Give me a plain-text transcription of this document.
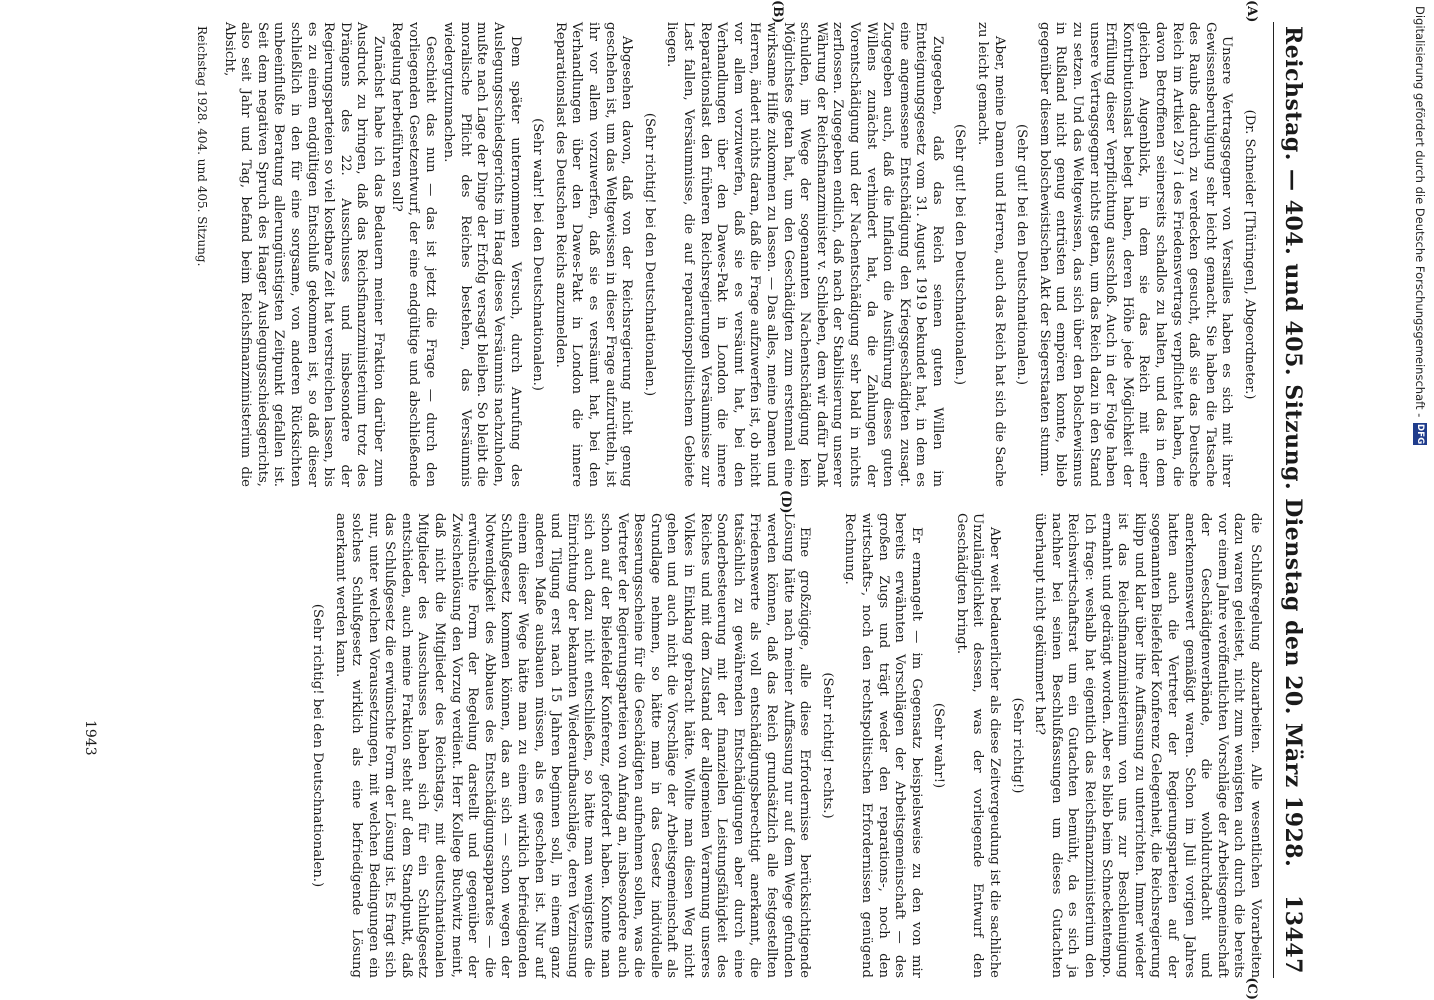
Reichstag. — 404. und 405. Sitzung. Dienstag den 20. März 1928.
13447
(A)
(B)
(C)
(D)

(Dr. Schneider [Thüringen], Abgeordneter.)

Unsere Vertragsgegner von Versailles haben es sich mit ihrer Gewissensberuhigung sehr leicht gemacht. Sie haben die Tatsache des Raubs dadurch zu verdecken gesucht, daß sie das Deutsche Reich im Artikel 297 i des Friedensvertrags verpflichtet haben, die davon Betroffenen seinerseits schadlos zu halten, und das in dem gleichen Augenblick, in dem sie das Reich mit einer Kontributionslast belegt haben, deren Höhe jede Möglichkeit der Erfüllung dieser Verpflichtung ausschloß. Auch in der Folge haben unsere Vertragsgegner nichts getan, um das Reich dazu in den Stand zu setzen. Und das Weltgewissen, das sich über den Bolschewismus in Rußland nicht genug entrüsten und empören konnte, blieb gegenüber diesem bolschewistischen Akt der Siegerstaaten stumm.

(Sehr gut! bei den Deutschnationalen.)

Aber, meine Damen und Herren, auch das Reich hat sich die Sache zu leicht gemacht.

(Sehr gut! bei den Deutschnationalen.)

Zugegeben, daß das Reich seinen guten Willen im Entteignungsgesetz vom 31. August 1919 bekundet hat, in dem es eine angemessene Entschädigung den Kriegsgeschädigten zusagt. Zugegeben auch, daß die Inflation die Ausführung dieses guten Willens zunächst verhindert hat, da die Zahlungen der Vorentschädigung und der Nachentschädigung sehr bald in nichts zerflossen. Zugegeben endlich, daß nach der Stabilisierung unserer Währung der Reichsfinanzminister v. Schlieben, dem wir dafür Dank schulden, im Wege der sogenannten Nachentschädigung kein Möglichstes getan hat, um den Geschädigten zum erstenmal eine wirksame Hilfe zukommen zu lassen. — Das alles, meine Damen und Herren, ändert nichts daran, daß die Frage aufzuwerfen ist, ob nicht vor allem vorzuwerfen, daß sie es versäumt hat, bei den Verhandlungen über den Dawes-Pakt in London die innere Reparationslast den früheren Reichsregierungen Versäumnisse zur Last fallen, Versäumnisse, die auf reparationspolitischem Gebiete liegen.

(Sehr richtig! bei den Deutschnationalen.)

Abgesehen davon, daß von der Reichsregierung nicht genug geschehen ist, um das Weltgewissen in dieser Frage aufzurütteln, ist ihr vor allem vorzuwerfen, daß sie es versäumt hat, bei den Verhandlungen über den Dawes-Pakt in London die innere Reparationslast des Deutschen Reichs anzumelden.

(Sehr wahr! bei den Deutschnationalen.)

Dem später unternommenen Versuch, durch Anrufung des Auslegungsschiedsgerichts im Haag dieses Versäumnis nachzuholen, mußte nach Lage der Dinge der Erfolg versagt bleiben. So bleibt die moralische Pflicht des Reiches bestehen, das Versäumnis wiedergutzumachen.

Geschieht das nun — das ist jetzt die Frage — durch den vorliegenden Gesetzentwurf, der eine endgültige und abschließende Regelung herbeiführen soll?

Zunächst habe ich das Bedauern meiner Fraktion darüber zum Ausdruck zu bringen, daß das Reichsfinanzministerium trotz des Drängens des 22. Ausschusses und insbesondere der Regierungsparteien so viel kostbare Zeit hat verstreichen lassen, bis es zu einem endgültigen Entschluß gekommen ist, so daß dieser schließlich in den für eine sorgsame, von anderen Rücksichten unbeeinflußte Beratung allerungünstigsten Zeitpunkt gefallen ist. Seit dem negativen Spruch des Haager Auslegungsschiedsgerichts, also seit Jahr und Tag, befand beim Reichsfinanzministerium die Absicht,

Reichstag 1928. 404. und 405. Sitzung.

die Schlußregelung abzuarbeiten. Alle wesentlichen Vorarbeiten dazu waren geleistet, nicht zum wenigsten auch durch die bereits vor einem Jahre veröffentlichten Vorschläge der Arbeitsgemeinschaft der Geschädigtenverbände, die wohldurchdacht und anerkennenswert gemäßigt waren. Schon im Juli vorigen Jahres hatten auch die Vertreter der Regierungsparteien auf der sogenannten Bielefelder Konferenz Gelegenheit, die Reichsregierung klipp und klar über ihre Auffassung zu unterrichten. Immer wieder ist das Reichsfinanzministerium von uns zur Beschleunigung ermahnt und gedrängt worden. Aber es blieb beim Schneckentempo. Ich frage: weshalb hat eigentlich das Reichsfinanzministerium den Reichswirtschaftsrat um ein Gutachten bemüht, da es sich ja nachher bei seinen Beschlußfassungen um dieses Gutachten überhaupt nicht gekümmert hat?

(Sehr richtig!)

Aber weit bedauerlicher als diese Zeitvergeudung ist die sachliche Unzulänglichkeit dessen, was der vorliegende Entwurf den Geschädigten bringt.

(Sehr wahr!)

Er ermangelt — im Gegensatz beispielsweise zu den von mir bereits erwähnten Vorschlägen der Arbeitsgemeinschaft — des großen Zugs und trägt weder den reparations-, noch den wirtschafts-, noch den rechtspolitischen Erfordernissen genügend Rechnung.

(Sehr richtig! rechts.)

Eine großzügige, alle diese Erfordernisse berücksichtigende Lösung hätte nach meiner Auffassung nur auf dem Wege gefunden werden können, daß das Reich grundsätzlich alle festgestellten Friedenswerte als voll entschädigungsberechtigt anerkannt, die tatsächlich zu gewährenden Entschädigungen aber durch eine Sonderbesteuerung mit der finanziellen Leistungsfähigkeit des Reiches und mit dem Zustand der allgemeinen Verarmung unseres Volkes in Einklang gebracht hätte. Wollte man diesen Weg nicht gehen und auch nicht die Vorschläge der Arbeitsgemeinschaft als Grundlage nehmen, so hätte man in das Gesetz individuelle Besserungsscheine für die Geschädigten aufnehmen sollen, was die Vertreter der Regierungsparteien von Anfang an, insbesondere auch schon auf der Bielefelder Konferenz, gefordert haben. Konnte man sich auch dazu nicht entschließen, so hätte man wenigstens die Einrichtung der bekannten Wiederaufbauschläge, deren Verzinsung und Tilgung erst nach 15 Jahren beginnen soll, in einem ganz anderen Maße ausbauen müssen, als es geschehen ist. Nur auf einem dieser Wege hätte man zu einem wirklich befriedigenden Schlußgesetz kommen können, das an sich — schon wegen der Notwendigkeit des Abbaues des Entschädigungsapparates — die erwünschte Form der Regelung darstellt und gegenüber der Zwischenlösung den Vorzug verdient. Herr Kollege Buchwitz meint, daß nicht die Mitglieder des Reichstags, mit deutschnationalen Mitglieder des Ausschusses haben sich für ein Schlußgesetz entschieden, auch meine Fraktion steht auf dem Standpunkt, daß das Schlußgesetz die erwünschte Form der Lösung ist. Es fragt sich nur, unter welchen Voraussetzungen, mit welchen Bedingungen ein solches Schlußgesetz wirklich als eine befriedigende Lösung anerkannt werden kann.

(Sehr richtig! bei den Deutschnationalen.)

1943
Digitalisierung gefördert durch die Deutsche Forschungsgemeinschaft -
DFG
